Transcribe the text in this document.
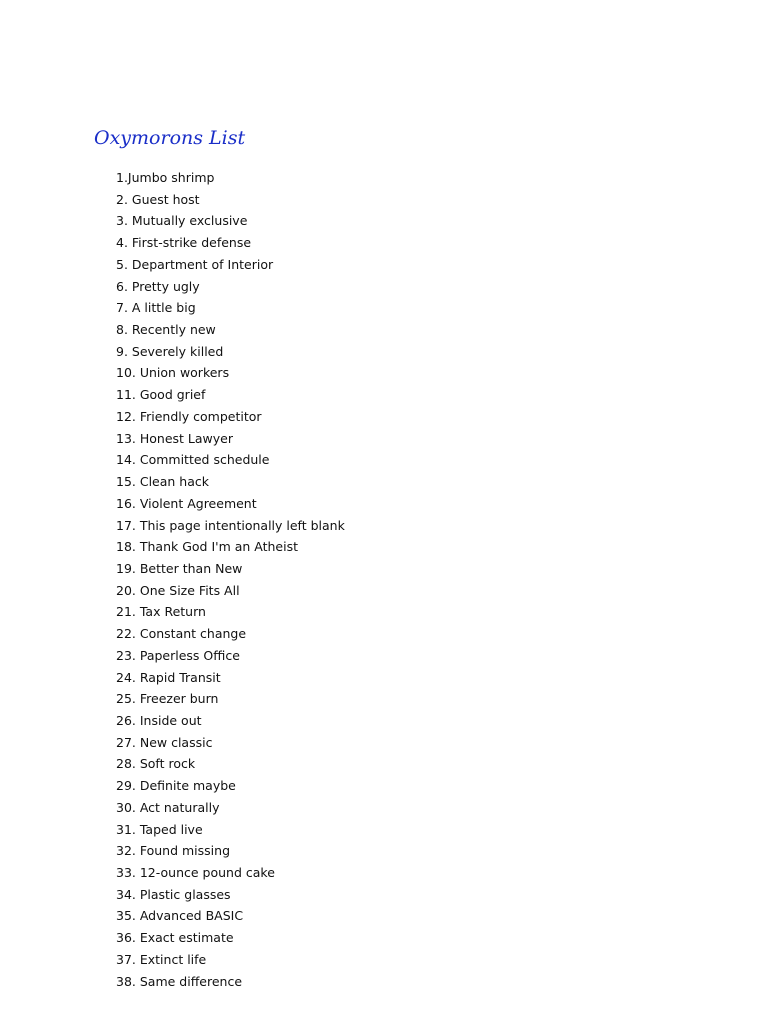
Oxymorons List
1.Jumbo shrimp
2. Guest host
3. Mutually exclusive
4. First-strike defense
5. Department of Interior
6. Pretty ugly
7. A little big
8. Recently new
9. Severely killed
10. Union workers
11. Good grief
12. Friendly competitor
13. Honest Lawyer
14. Committed schedule
15. Clean hack
16. Violent Agreement
17. This page intentionally left blank
18. Thank God I'm an Atheist
19. Better than New
20. One Size Fits All
21. Tax Return
22. Constant change
23. Paperless Office
24. Rapid Transit
25. Freezer burn
26. Inside out
27. New classic
28. Soft rock
29. Definite maybe
30. Act naturally
31. Taped live
32. Found missing
33. 12-ounce pound cake
34. Plastic glasses
35. Advanced BASIC
36. Exact estimate
37. Extinct life
38. Same difference
